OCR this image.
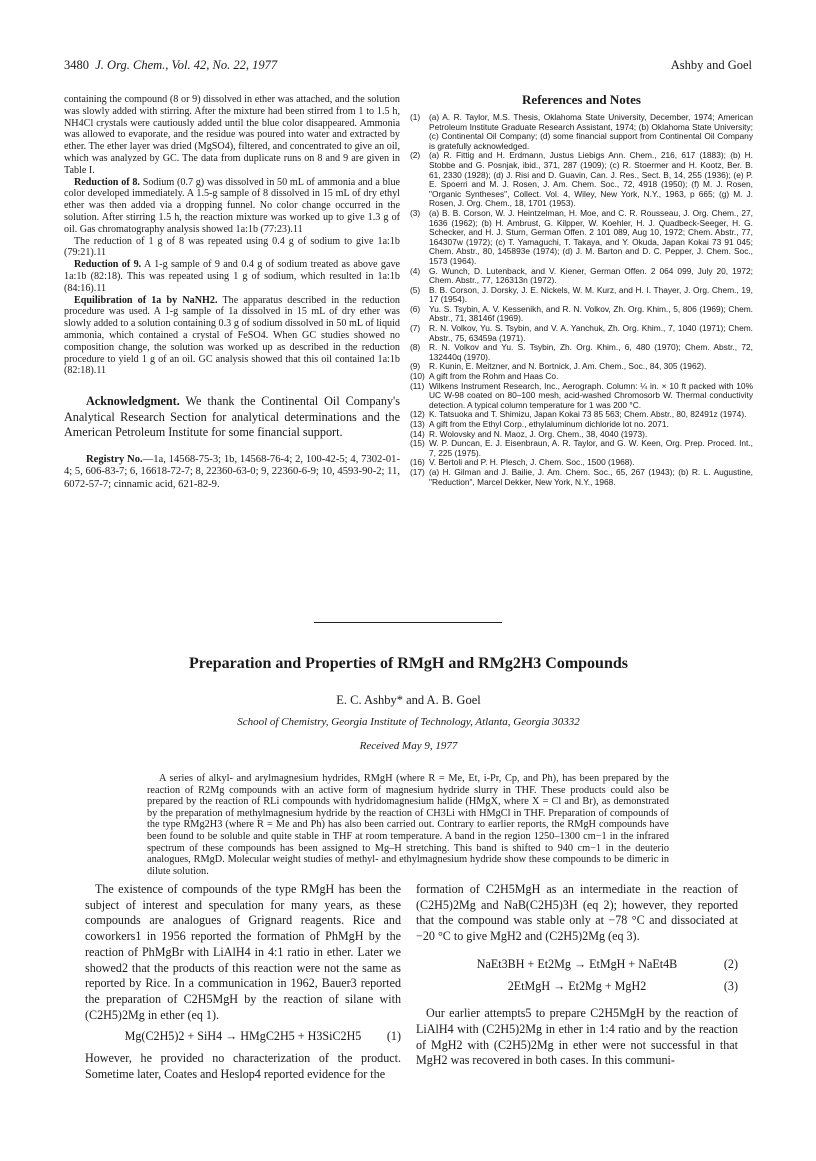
3480 J. Org. Chem., Vol. 42, No. 22, 1977	Ashby and Goel

containing the compound (8 or 9) dissolved in ether was attached, and the solution was slowly added with stirring. After the mixture had been stirred from 1 to 1.5 h, NH4Cl crystals were cautiously added until the blue color disappeared. Ammonia was allowed to evaporate, and the residue was poured into water and extracted by ether. The ether layer was dried (MgSO4), filtered, and concentrated to give an oil, which was analyzed by GC. The data from duplicate runs on 8 and 9 are given in Table I.

Reduction of 8. Sodium (0.7 g) was dissolved in 50 mL of ammonia and a blue color developed immediately. A 1.5-g sample of 8 dissolved in 15 mL of dry ethyl ether was then added via a dropping funnel. No color change occurred in the solution. After stirring 1.5 h, the reaction mixture was worked up to give 1.3 g of oil. Gas chromatography analysis showed 1a:1b (77:23).11

The reduction of 1 g of 8 was repeated using 0.4 g of sodium to give 1a:1b (79:21).11

Reduction of 9. A 1-g sample of 9 and 0.4 g of sodium treated as above gave 1a:1b (82:18). This was repeated using 1 g of sodium, which resulted in 1a:1b (84:16).11

Equilibration of 1a by NaNH2. The apparatus described in the reduction procedure was used. A 1-g sample of 1a dissolved in 15 mL of dry ether was slowly added to a solution containing 0.3 g of sodium dissolved in 50 mL of liquid ammonia, which contained a crystal of FeSO4. When GC studies showed no composition change, the solution was worked up as described in the reduction procedure to yield 1 g of an oil. GC analysis showed that this oil contained 1a:1b (82:18).11

Acknowledgment. We thank the Continental Oil Company's Analytical Research Section for analytical determinations and the American Petroleum Institute for some financial support.

Registry No.—1a, 14568-75-3; 1b, 14568-76-4; 2, 100-42-5; 4, 7302-01-4; 5, 606-83-7; 6, 16618-72-7; 8, 22360-63-0; 9, 22360-6-9; 10, 4593-90-2; 11, 6072-57-7; cinnamic acid, 621-82-9.

References and Notes

(1) (a) A. R. Taylor, M.S. Thesis, Oklahoma State University, December, 1974; American Petroleum Institute Graduate Research Assistant, 1974; (b) Oklahoma State University; (c) Continental Oil Company; (d) some financial support from Continental Oil Company is gratefully acknowledged.

(2) (a) R. Fittig and H. Erdmann, Justus Liebigs Ann. Chem., 216, 617 (1883); (b) H. Stobbe and G. Posnjak, ibid., 371, 287 (1909); (c) R. Stoermer and H. Kootz, Ber. B. 61, 2330 (1928); (d) J. Risi and D. Guavin, Can. J. Res., Sect. B, 14, 255 (1936); (e) P. E. Spoerri and M. J. Rosen, J. Am. Chem. Soc., 72, 4918 (1950); (f) M. J. Rosen, "Organic Syntheses", Collect. Vol. 4, Wiley, New York, N.Y., 1963, p 665; (g) M. J. Rosen, J. Org. Chem., 18, 1701 (1953).

(3) (a) B. B. Corson, W. J. Heintzelman, H. Moe, and C. R. Rousseau, J. Org. Chem., 27, 1636 (1962); (b) H. Ambrust, G. Kilpper, W. Koehler, H. J. Quadbeck-Seeger, H. G. Schecker, and H. J. Sturn, German Offen. 2 101 089, Aug 10, 1972; Chem. Abstr., 77, 164307w (1972); (c) T. Yamaguchi, T. Takaya, and Y. Okuda, Japan Kokai 73 91 045; Chem. Abstr., 80, 145893e (1974); (d) J. M. Barton and D. C. Pepper, J. Chem. Soc., 1573 (1964).

(4) G. Wunch, D. Lutenback, and V. Kiener, German Offen. 2 064 099, July 20, 1972; Chem. Abstr., 77, 126313n (1972).

(5) B. B. Corson, J. Dorsky, J. E. Nickels, W. M. Kurz, and H. I. Thayer, J. Org. Chem., 19, 17 (1954).

(6) Yu. S. Tsybin, A. V. Kessenikh, and R. N. Volkov, Zh. Org. Khim., 5, 806 (1969); Chem. Abstr., 71, 38146f (1969).

(7) R. N. Volkov, Yu. S. Tsybin, and V. A. Yanchuk, Zh. Org. Khim., 7, 1040 (1971); Chem. Abstr., 75, 63459a (1971).

(8) R. N. Volkov and Yu. S. Tsybin, Zh. Org. Khim., 6, 480 (1970); Chem. Abstr., 72, 132440q (1970).

(9) R. Kunin, E. Meitzner, and N. Bortnick, J. Am. Chem., Soc., 84, 305 (1962).

(10) A gift from the Rohm and Haas Co.

(11) Wilkens Instrument Research, Inc., Aerograph. Column: ¼ in. × 10 ft packed with 10% UC W-98 coated on 80–100 mesh, acid-washed Chromosorb W. Thermal conductivity detection. A typical column temperature for 1 was 200 °C.

(12) K. Tatsuoka and T. Shimizu, Japan Kokai 73 85 563; Chem. Abstr., 80, 82491z (1974).

(13) A gift from the Ethyl Corp., ethylaluminum dichloride lot no. 2071.

(14) R. Wolovsky and N. Maoz, J. Org. Chem., 38, 4040 (1973).

(15) W. P. Duncan, E. J. Eisenbraun, A. R. Taylor, and G. W. Keen, Org. Prep. Proced. Int., 7, 225 (1975).

(16) V. Bertoli and P. H. Plesch, J. Chem. Soc., 1500 (1968).

(17) (a) H. Gilman and J. Bailie, J. Am. Chem. Soc., 65, 267 (1943); (b) R. L. Augustine, "Reduction", Marcel Dekker, New York, N.Y., 1968.

Preparation and Properties of RMgH and RMg2H3 Compounds
E. C. Ashby* and A. B. Goel
School of Chemistry, Georgia Institute of Technology, Atlanta, Georgia 30332
Received May 9, 1977

A series of alkyl- and arylmagnesium hydrides, RMgH (where R = Me, Et, i-Pr, Cp, and Ph), has been prepared by the reaction of R2Mg compounds with an active form of magnesium hydride slurry in THF. These products could also be prepared by the reaction of RLi compounds with hydridomagnesium halide (HMgX, where X = Cl and Br), as demonstrated by the preparation of methylmagnesium hydride by the reaction of CH3Li with HMgCl in THF. Preparation of compounds of the type RMg2H3 (where R = Me and Ph) has also been carried out. Contrary to earlier reports, the RMgH compounds have been found to be soluble and quite stable in THF at room temperature. A band in the region 1250–1300 cm−1 in the infrared spectrum of these compounds has been assigned to Mg–H stretching. This band is shifted to 940 cm−1 in the deuterio analogues, RMgD. Molecular weight studies of methyl- and ethylmagnesium hydride show these compounds to be dimeric in dilute solution.

The existence of compounds of the type RMgH has been the subject of interest and speculation for many years, as these compounds are analogues of Grignard reagents. Rice and coworkers1 in 1956 reported the formation of PhMgH by the reaction of PhMgBr with LiAlH4 in 4:1 ratio in ether. Later we showed2 that the products of this reaction were not the same as reported by Rice. In a communication in 1962, Bauer3 reported the preparation of C2H5MgH by the reaction of silane with (C2H5)2Mg in ether (eq 1).

Mg(C2H5)2 + SiH4 → HMgC2H5 + H3SiC2H5 (1)

However, he provided no characterization of the product. Sometime later, Coates and Heslop4 reported evidence for the

formation of C2H5MgH as an intermediate in the reaction of (C2H5)2Mg and NaB(C2H5)3H (eq 2); however, they reported that the compound was stable only at −78 °C and dissociated at −20 °C to give MgH2 and (C2H5)2Mg (eq 3).

NaEt3BH + Et2Mg → EtMgH + NaEt4B	(2)
2EtMgH → Et2Mg + MgH2	(3)

Our earlier attempts5 to prepare C2H5MgH by the reaction of LiAlH4 with (C2H5)2Mg in ether in 1:4 ratio and by the reaction of MgH2 with (C2H5)2Mg in ether were not successful in that MgH2 was recovered in both cases. In this communi-
